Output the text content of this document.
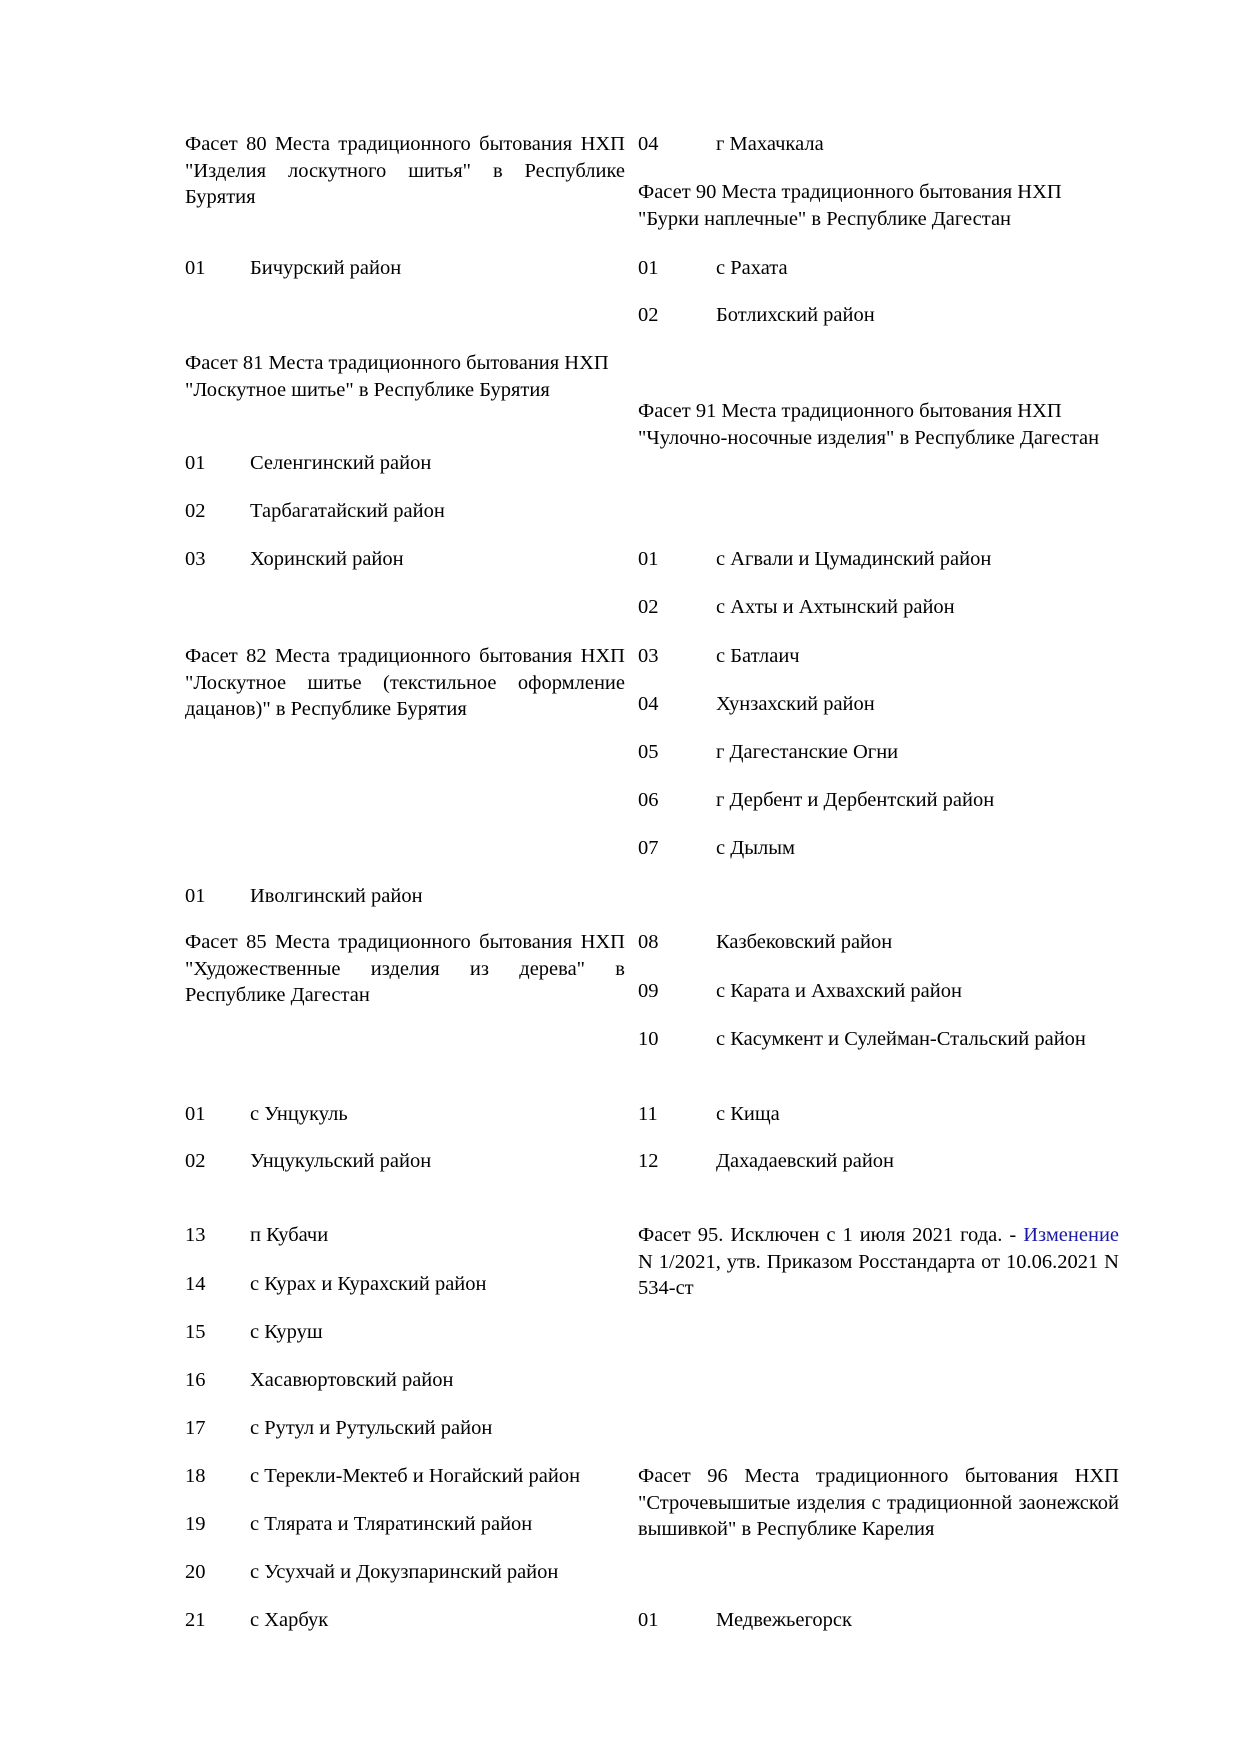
Фасет 80 Места традиционного бытования НХП "Изделия лоскутного шитья" в Республике Бурятия
01 Бичурский район
Фасет 81 Места традиционного бытования НХП "Лоскутное шитье" в Республике Бурятия
01 Селенгинский район
02 Тарбагатайский район
03 Хоринский район
Фасет 82 Места традиционного бытования НХП "Лоскутное шитье (текстильное оформление дацанов)" в Республике Бурятия
01 Иволгинский район
Фасет 85 Места традиционного бытования НХП "Художественные изделия из дерева" в Республике Дагестан
01 с Унцукуль
02 Унцукульский район
13 п Кубачи
14 с Курах и Курахский район
15 с Куруш
16 Хасавюртовский район
17 с Рутул и Рутульский район
18 с Терекли-Мектеб и Ногайский район
19 с Тлярата и Тляратинский район
20 с Усухчай и Докузпаринский район
21 с Харбук
04	г Махачкала
Фасет 90 Места традиционного бытования НХП "Бурки наплечные" в Республике Дагестан
01	с Рахата
02	Ботлихский район
Фасет 91 Места традиционного бытования НХП "Чулочно-носочные изделия" в Республике Дагестан
01	с Агвали и Цумадинский район
02	с Ахты и Ахтынский район
03	с Батлаич
04	Хунзахский район
05	г Дагестанские Огни
06	г Дербент и Дербентский район
07	с Дылым
08	Казбековский район
09	с Карата и Ахвахский район
10	с Касумкент и Сулейман-Стальский район
11	с Кища
12	Дахадаевский район
Фасет 95. Исключен с 1 июля 2021 года. - Изменение N 1/2021, утв. Приказом Росстандарта от 10.06.2021 N 534-ст
Фасет 96 Места традиционного бытования НХП "Строчевышитые изделия с традиционной заонежской вышивкой" в Республике Карелия
01	Медвежьегорск
